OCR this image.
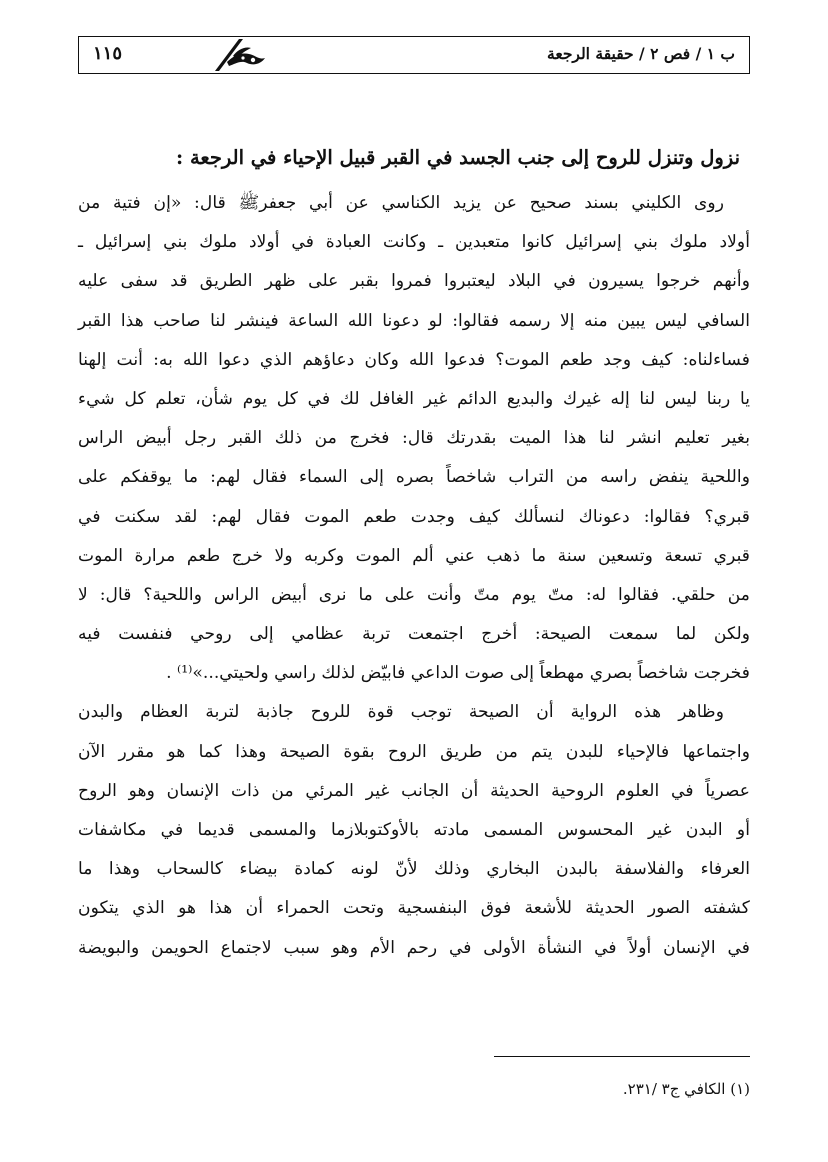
ب ١ / فص ٢ / حقيقة الرجعة
١١٥
نزول وتنزل للروح إلى جنب الجسد في القبر قبيل الإحياء في الرجعة :
روى الكليني بسند صحيح عن يزيد الكناسي عن أبي جعفرﷺ قال: «إن فتية من
أولاد ملوك بني إسرائيل كانوا متعبدين ـ وكانت العبادة في أولاد ملوك بني إسرائيل ـ
وأنهم خرجوا يسيرون في البلاد ليعتبروا فمروا بقبر على ظهر الطريق قد سفى عليه
السافي ليس يبين منه إلا رسمه فقالوا: لو دعونا الله الساعة فينشر لنا صاحب هذا القبر
فساءلناه: كيف وجد طعم الموت؟ فدعوا الله وكان دعاؤهم الذي دعوا الله به: أنت إلهنا
يا ربنا ليس لنا إله غيرك والبديع الدائم غير الغافل لك في كل يوم شأن، تعلم كل شيء
بغير تعليم انشر لنا هذا الميت بقدرتك قال: فخرج من ذلك القبر رجل أبيض الراس
واللحية ينفض راسه من التراب شاخصاً بصره إلى السماء فقال لهم: ما يوقفكم على
قبري؟ فقالوا: دعوناك لنسألك كيف وجدت طعم الموت فقال لهم: لقد سكنت في
قبري تسعة وتسعين سنة ما ذهب عني ألم الموت وكربه ولا خرج طعم مرارة الموت
من حلقي. فقالوا له: متّ يوم متّ وأنت على ما نرى أبيض الراس واللحية؟ قال: لا
ولكن لما سمعت الصيحة: أخرج اجتمعت تربة عظامي إلى روحي فنفست فيه
فخرجت شاخصاً بصري مهطعاً إلى صوت الداعي فابيّض لذلك راسي ولحيتي...»⁽¹⁾ .
وظاهر هذه الرواية أن الصيحة توجب قوة للروح جاذبة لتربة العظام والبدن
واجتماعها فالإحياء للبدن يتم من طريق الروح بقوة الصيحة وهذا كما هو مقرر الآن
عصرياً في العلوم الروحية الحديثة أن الجانب غير المرئي من ذات الإنسان وهو الروح
أو البدن غير المحسوس المسمى مادته بالأوكتوبلازما والمسمى قديما في مكاشفات
العرفاء والفلاسفة بالبدن البخاري وذلك لأنّ لونه كمادة بيضاء كالسحاب وهذا ما
كشفته الصور الحديثة للأشعة فوق البنفسجية وتحت الحمراء أن هذا هو الذي يتكون
في الإنسان أولاً في النشأة الأولى في رحم الأم وهو سبب لاجتماع الحويمن والبويضة
(١) الكافي ج٣ /٢٣١.
